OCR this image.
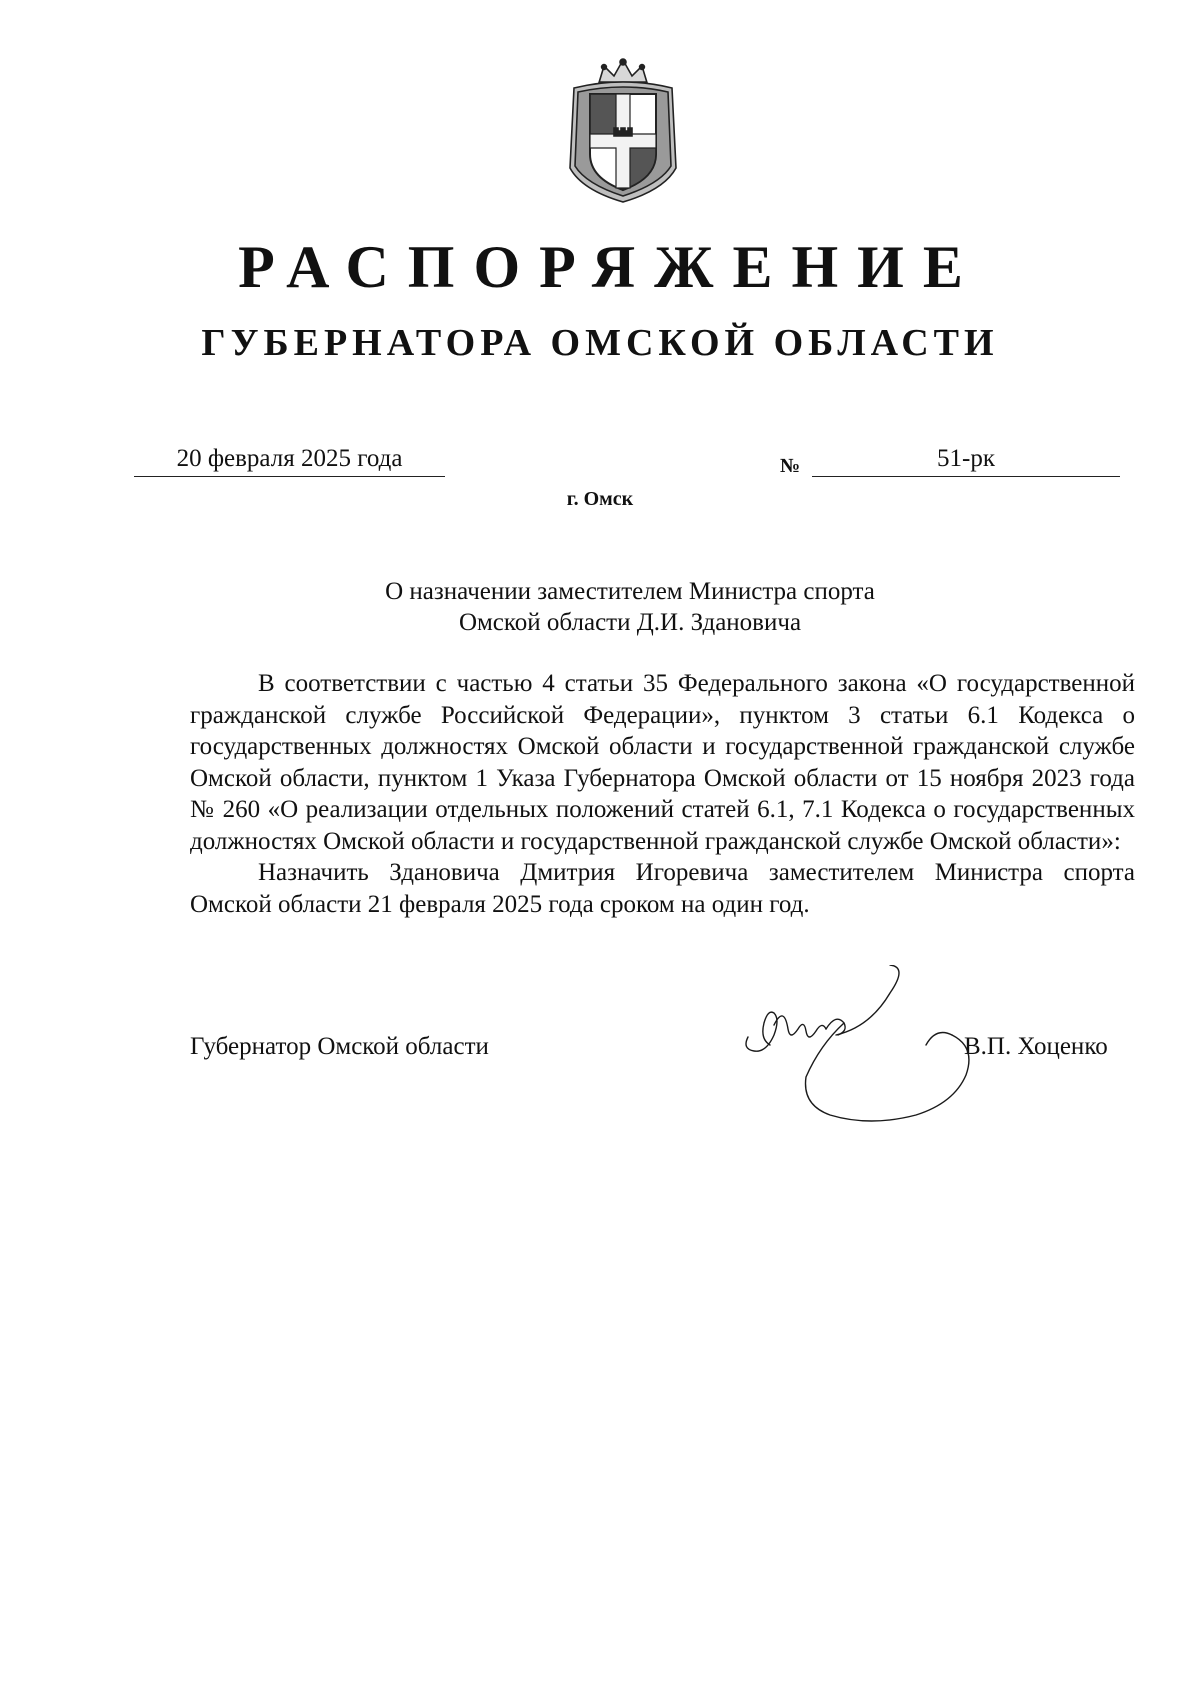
РАСПОРЯЖЕНИЕ
ГУБЕРНАТОРА ОМСКОЙ ОБЛАСТИ
20 февраля 2025 года	№	51-рк
г. Омск
О назначении заместителем Министра спорта
Омской области Д.И. Здановича

В соответствии с частью 4 статьи 35 Федерального закона «О государственной гражданской службе Российской Федерации», пунктом 3 статьи 6.1 Кодекса о государственных должностях Омской области и государственной гражданской службе Омской области, пунктом 1 Указа Губернатора Омской области от 15 ноября 2023 года № 260 «О реализации отдельных положений статей 6.1, 7.1 Кодекса о государственных должностях Омской области и государственной гражданской службе Омской области»:

Назначить Здановича Дмитрия Игоревича заместителем Министра спорта Омской области 21 февраля 2025 года сроком на один год.

Губернатор Омской области	В.П. Хоценко
